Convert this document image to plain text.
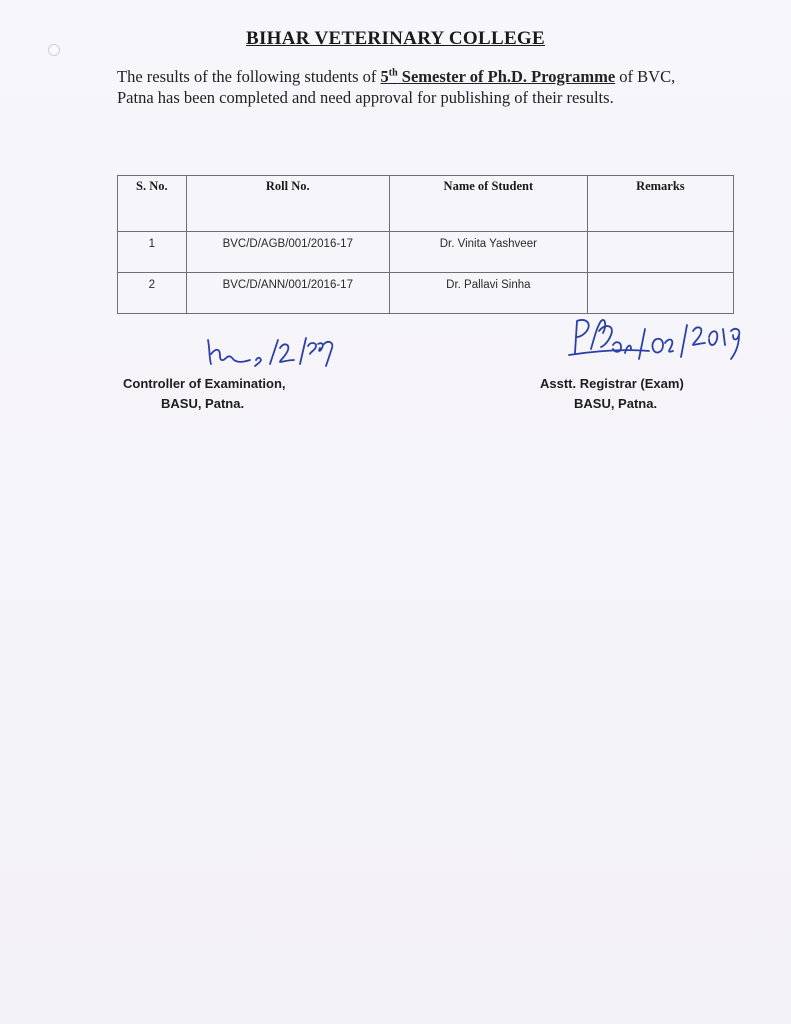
BIHAR VETERINARY COLLEGE
The results of the following students of 5th Semester of Ph.D. Programme of BVC, Patna has been completed and need approval for publishing of their results.
S. No.	Roll No.	Name of Student	Remarks
1	BVC/D/AGB/001/2016-17	Dr. Vinita Yashveer	
2	BVC/D/ANN/001/2016-17	Dr. Pallavi Sinha	
Controller of Examination,
BASU, Patna.
Asstt. Registrar (Exam)
BASU, Patna.
